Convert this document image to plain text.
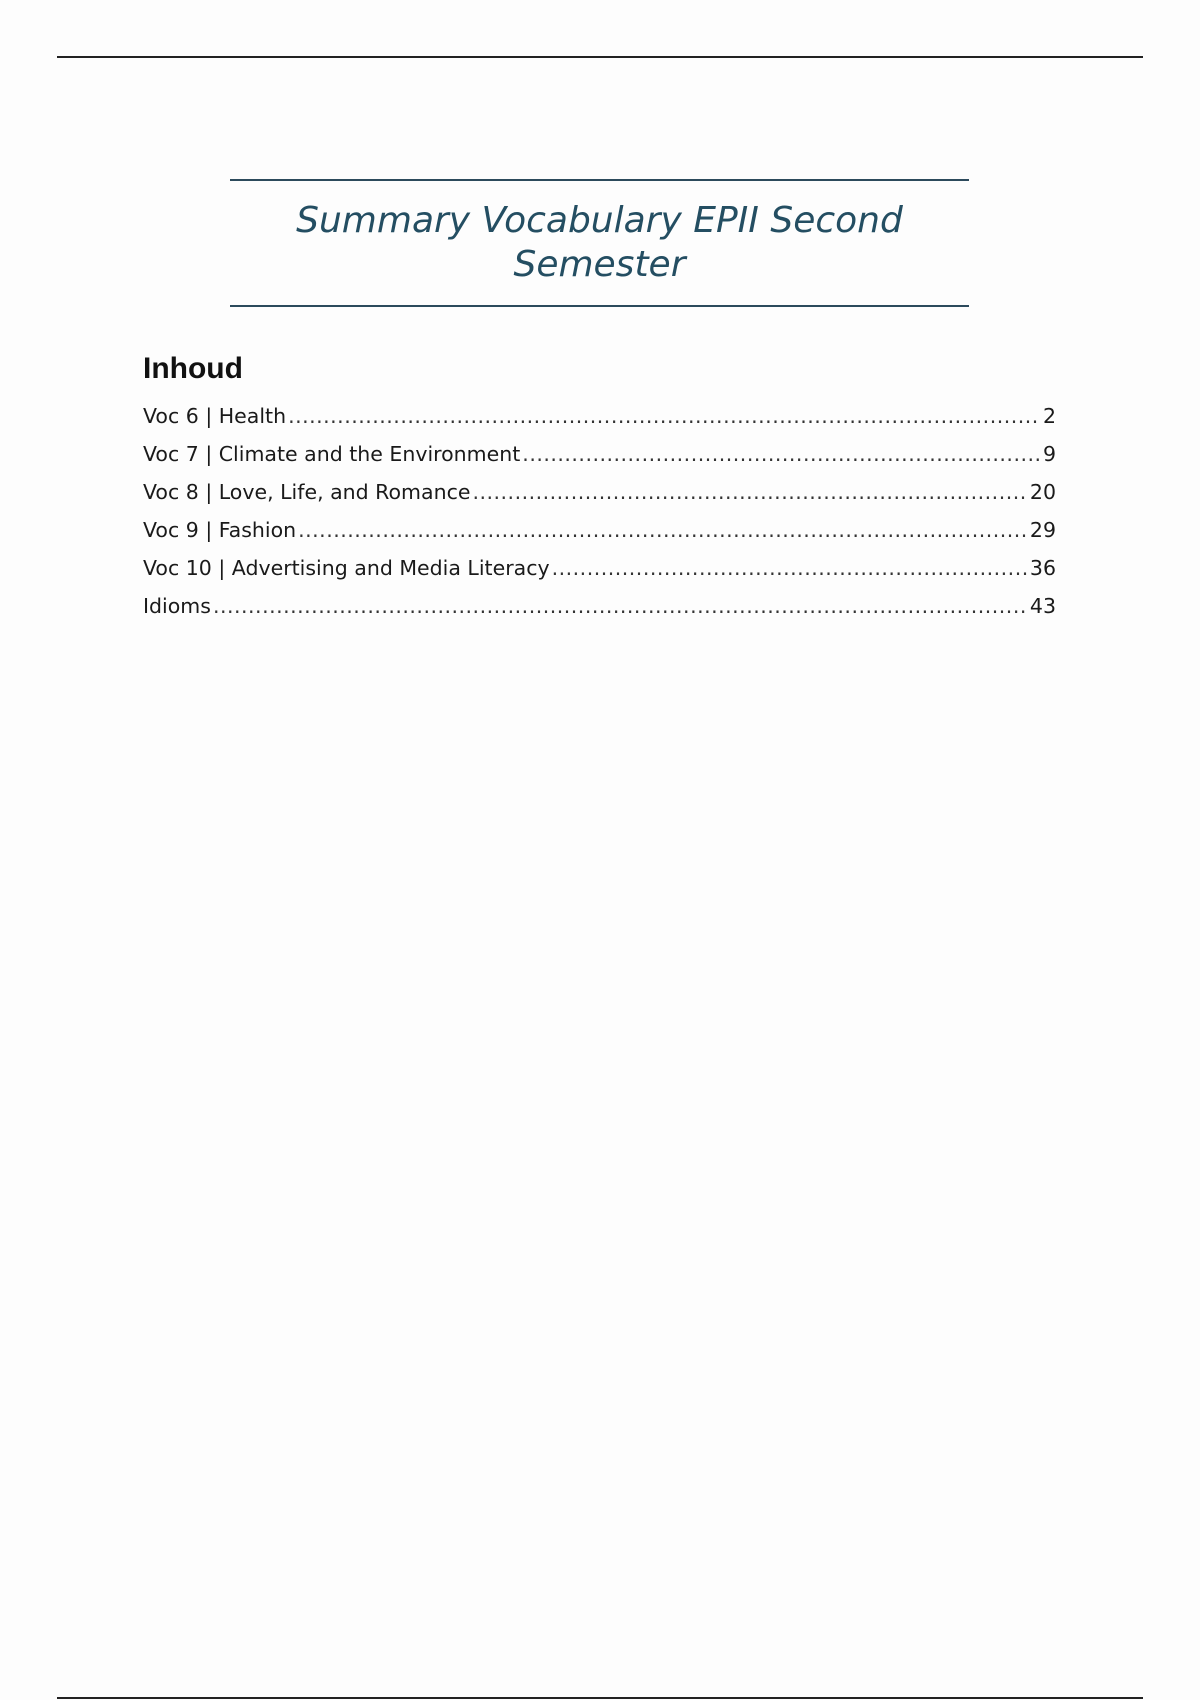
Summary Vocabulary EPII Second Semester
Inhoud
Voc 6 | Health .....	2
Voc 7 | Climate and the Environment .....	9
Voc 8 | Love, Life, and Romance .....	20
Voc 9 | Fashion .....	29
Voc 10 | Advertising and Media Literacy .....	36
Idioms .....	43
